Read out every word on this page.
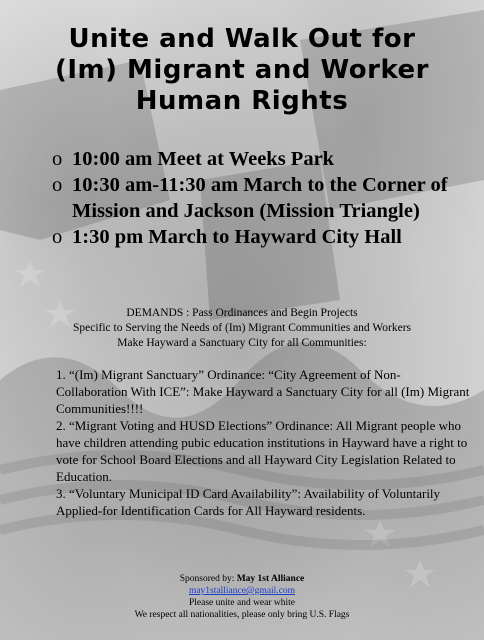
Unite and Walk Out for
(Im) Migrant and Worker
Human Rights
o 10:00 am Meet at Weeks Park
o 10:30 am-11:30 am March to the Corner of Mission and Jackson (Mission Triangle)
o 1:30 pm March to Hayward City Hall
DEMANDS : Pass Ordinances and Begin Projects
Specific to Serving the Needs of (Im) Migrant Communities and Workers
Make Hayward a Sanctuary City for all Communities:

1. “(Im) Migrant Sanctuary” Ordinance: “City Agreement of Non-Collaboration With ICE”: Make Hayward a Sanctuary City for all (Im) Migrant Communities!!!!

2. “Migrant Voting and HUSD Elections” Ordinance: All Migrant people who have children attending pubic education institutions in Hayward have a right to vote for School Board Elections and all Hayward City Legislation Related to Education.

3. “Voluntary Municipal ID Card Availability”: Availability of Voluntarily Applied-for Identification Cards for All Hayward residents.

Sponsored by: May 1st Alliance
may1stalliance@gmail.com
Please unite and wear white
We respect all nationalities, please only bring U.S. Flags
